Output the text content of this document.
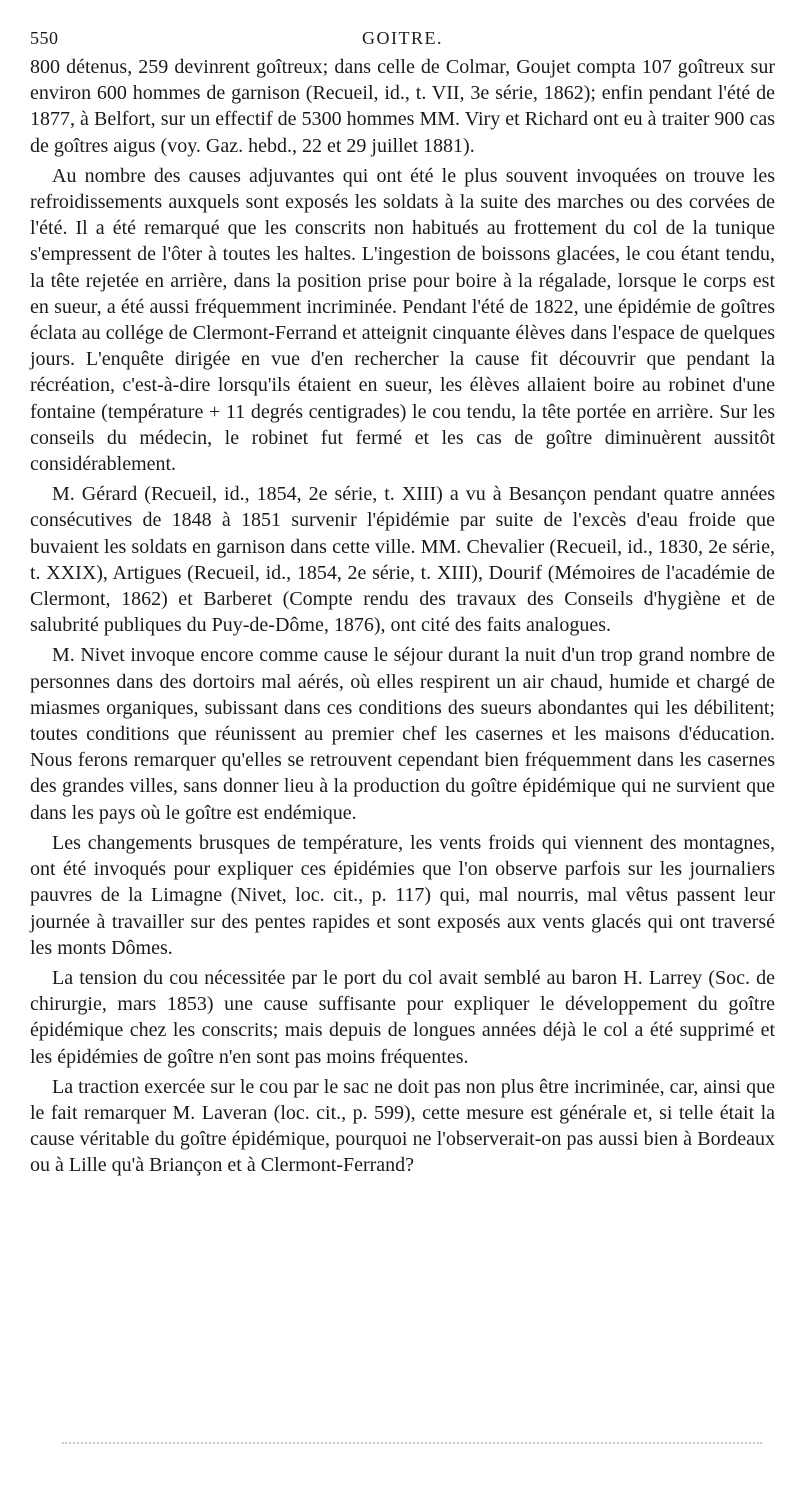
550	GOITRE.

800 détenus, 259 devinrent goîtreux; dans celle de Colmar, Goujet compta 107 goîtreux sur environ 600 hommes de garnison (Recueil, id., t. VII, 3e série, 1862); enfin pendant l'été de 1877, à Belfort, sur un effectif de 5300 hommes MM. Viry et Richard ont eu à traiter 900 cas de goîtres aigus (voy. Gaz. hebd., 22 et 29 juillet 1881).

Au nombre des causes adjuvantes qui ont été le plus souvent invoquées on trouve les refroidissements auxquels sont exposés les soldats à la suite des marches ou des corvées de l'été. Il a été remarqué que les conscrits non habitués au frottement du col de la tunique s'empressent de l'ôter à toutes les haltes. L'ingestion de boissons glacées, le cou étant tendu, la tête rejetée en arrière, dans la position prise pour boire à la régalade, lorsque le corps est en sueur, a été aussi fréquemment incriminée. Pendant l'été de 1822, une épidémie de goîtres éclata au collége de Clermont-Ferrand et atteignit cinquante élèves dans l'espace de quelques jours. L'enquête dirigée en vue d'en rechercher la cause fit découvrir que pendant la récréation, c'est-à-dire lorsqu'ils étaient en sueur, les élèves allaient boire au robinet d'une fontaine (température + 11 degrés centigrades) le cou tendu, la tête portée en arrière. Sur les conseils du médecin, le robinet fut fermé et les cas de goître diminuèrent aussitôt considérablement.

M. Gérard (Recueil, id., 1854, 2e série, t. XIII) a vu à Besançon pendant quatre années consécutives de 1848 à 1851 survenir l'épidémie par suite de l'excès d'eau froide que buvaient les soldats en garnison dans cette ville. MM. Chevalier (Recueil, id., 1830, 2e série, t. XXIX), Artigues (Recueil, id., 1854, 2e série, t. XIII), Dourif (Mémoires de l'académie de Clermont, 1862) et Barberet (Compte rendu des travaux des Conseils d'hygiène et de salubrité publiques du Puy-de-Dôme, 1876), ont cité des faits analogues.

M. Nivet invoque encore comme cause le séjour durant la nuit d'un trop grand nombre de personnes dans des dortoirs mal aérés, où elles respirent un air chaud, humide et chargé de miasmes organiques, subissant dans ces conditions des sueurs abondantes qui les débilitent; toutes conditions que réunissent au premier chef les casernes et les maisons d'éducation. Nous ferons remarquer qu'elles se retrouvent cependant bien fréquemment dans les casernes des grandes villes, sans donner lieu à la production du goître épidémique qui ne survient que dans les pays où le goître est endémique.

Les changements brusques de température, les vents froids qui viennent des montagnes, ont été invoqués pour expliquer ces épidémies que l'on observe parfois sur les journaliers pauvres de la Limagne (Nivet, loc. cit., p. 117) qui, mal nourris, mal vêtus passent leur journée à travailler sur des pentes rapides et sont exposés aux vents glacés qui ont traversé les monts Dômes.

La tension du cou nécessitée par le port du col avait semblé au baron H. Larrey (Soc. de chirurgie, mars 1853) une cause suffisante pour expliquer le développement du goître épidémique chez les conscrits; mais depuis de longues années déjà le col a été supprimé et les épidémies de goître n'en sont pas moins fréquentes.

La traction exercée sur le cou par le sac ne doit pas non plus être incriminée, car, ainsi que le fait remarquer M. Laveran (loc. cit., p. 599), cette mesure est générale et, si telle était la cause véritable du goître épidémique, pourquoi ne l'observerait-on pas aussi bien à Bordeaux ou à Lille qu'à Briançon et à Clermont-Ferrand?
